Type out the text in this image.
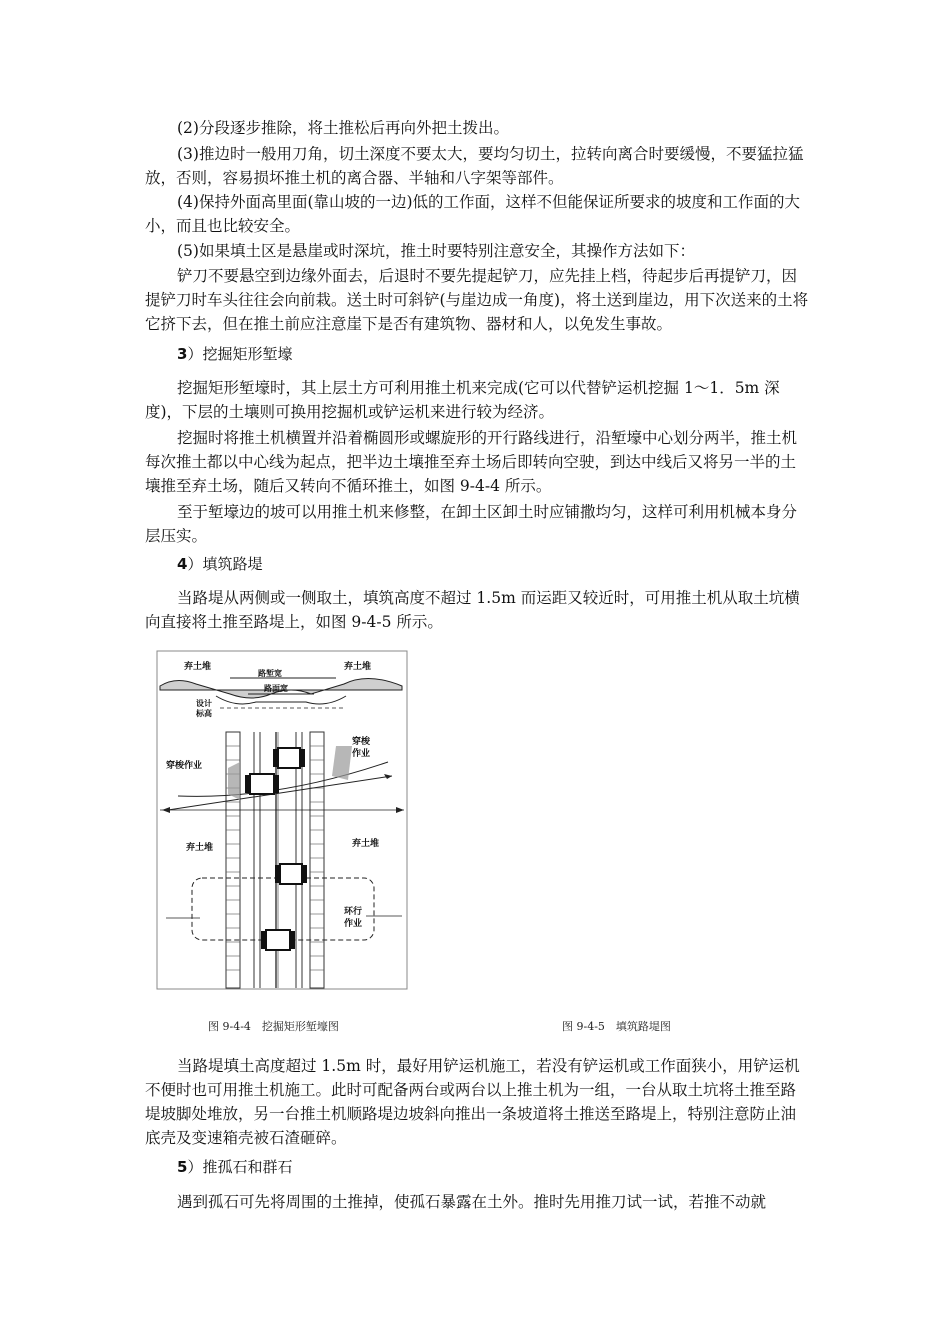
(2)分段逐步推除，将土推松后再向外把土拨出。

(3)推边时一般用刀角，切土深度不要太大，要均匀切土，拉转向离合时要缓慢，不要猛拉猛放，否则，容易损坏推土机的离合器、半轴和八字架等部件。

(4)保持外面高里面(靠山坡的一边)低的工作面，这样不但能保证所要求的坡度和工作面的大小，而且也比较安全。

(5)如果填土区是悬崖或时深坑，推土时要特别注意安全，其操作方法如下：

铲刀不要悬空到边缘外面去，后退时不要先提起铲刀，应先挂上档，待起步后再提铲刀，因提铲刀时车头往往会向前栽。送土时可斜铲(与崖边成一角度)，将土送到崖边，用下次送来的土将它挤下去，但在推土前应注意崖下是否有建筑物、器材和人，以免发生事故。

3）挖掘矩形堑壕

挖掘矩形堑壕时，其上层土方可利用推土机来完成(它可以代替铲运机挖掘 1～1．5m 深度)，下层的土壤则可换用挖掘机或铲运机来进行较为经济。

挖掘时将推土机横置并沿着椭圆形或螺旋形的开行路线进行，沿堑壕中心划分两半，推土机每次推土都以中心线为起点，把半边土壤推至弃土场后即转向空驶，到达中线后又将另一半的土壤推至弃土场，随后又转向不循环推土，如图 9-4-4 所示。

至于堑壕边的坡可以用推土机来修整，在卸土区卸土时应铺撒均匀，这样可利用机械本身分层压实。

4）填筑路堤

当路堤从两侧或一侧取土，填筑高度不超过 1.5m 而运距又较近时，可用推土机从取土坑横向直接将土推至路堤上，如图 9-4-5 所示。

弃土堆	弃土堆
路堑宽
路面宽
设计
标高
穿梭作业
穿梭
作业
弃土堆	弃土堆
环行
作业
图 9-4-4　挖掘矩形堑壕图	图 9-4-5　填筑路堤图

当路堤填土高度超过 1.5m 时，最好用铲运机施工，若没有铲运机或工作面狭小，用铲运机不便时也可用推土机施工。此时可配备两台或两台以上推土机为一组，一台从取土坑将土推至路堤坡脚处堆放，另一台推土机顺路堤边坡斜向推出一条坡道将土推送至路堤上，特别注意防止油底壳及变速箱壳被石渣砸碎。

5）推孤石和群石

遇到孤石可先将周围的土推掉，使孤石暴露在土外。推时先用推刀试一试，若推不动就
